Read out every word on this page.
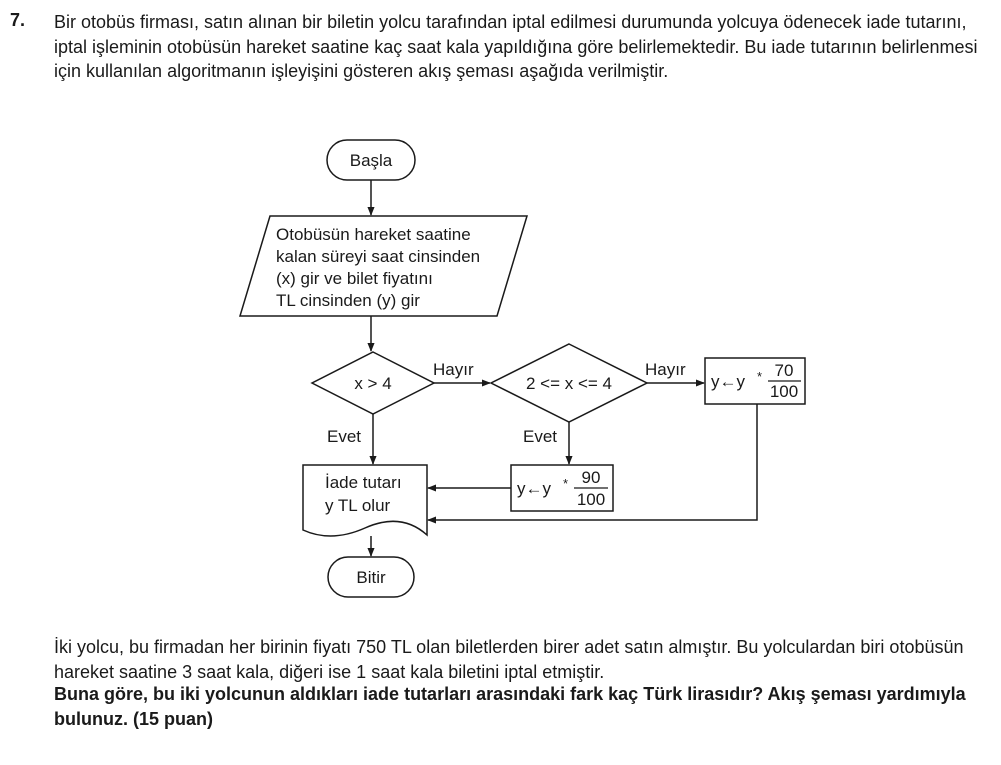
7. Bir otobüs firması, satın alınan bir biletin yolcu tarafından iptal edilmesi durumunda yolcuya ödenecek iade tutarını, iptal işleminin otobüsün hareket saatine kaç saat kala yapıldığına göre belirlemektedir. Bu iade tutarının belirlenmesi için kullanılan algoritmanın işleyişini gösteren akış şeması aşağıda verilmiştir.

Başla
Otobüsün hareket saatine
kalan süreyi saat cinsinden
(x) gir ve bilet fiyatını
TL cinsinden (y) gir
x > 4	2 <= x <= 4
Hayır	Hayır
Evet	Evet
y←y * 70
100
y←y * 90
100
İade tutarı
y TL olur
Bitir

İki yolcu, bu firmadan her birinin fiyatı 750 TL olan biletlerden birer adet satın almıştır. Bu yolculardan biri otobüsün hareket saatine 3 saat kala, diğeri ise 1 saat kala biletini iptal etmiştir.

Buna göre, bu iki yolcunun aldıkları iade tutarları arasındaki fark kaç Türk lirasıdır? Akış şeması yardımıyla bulunuz. (15 puan)
